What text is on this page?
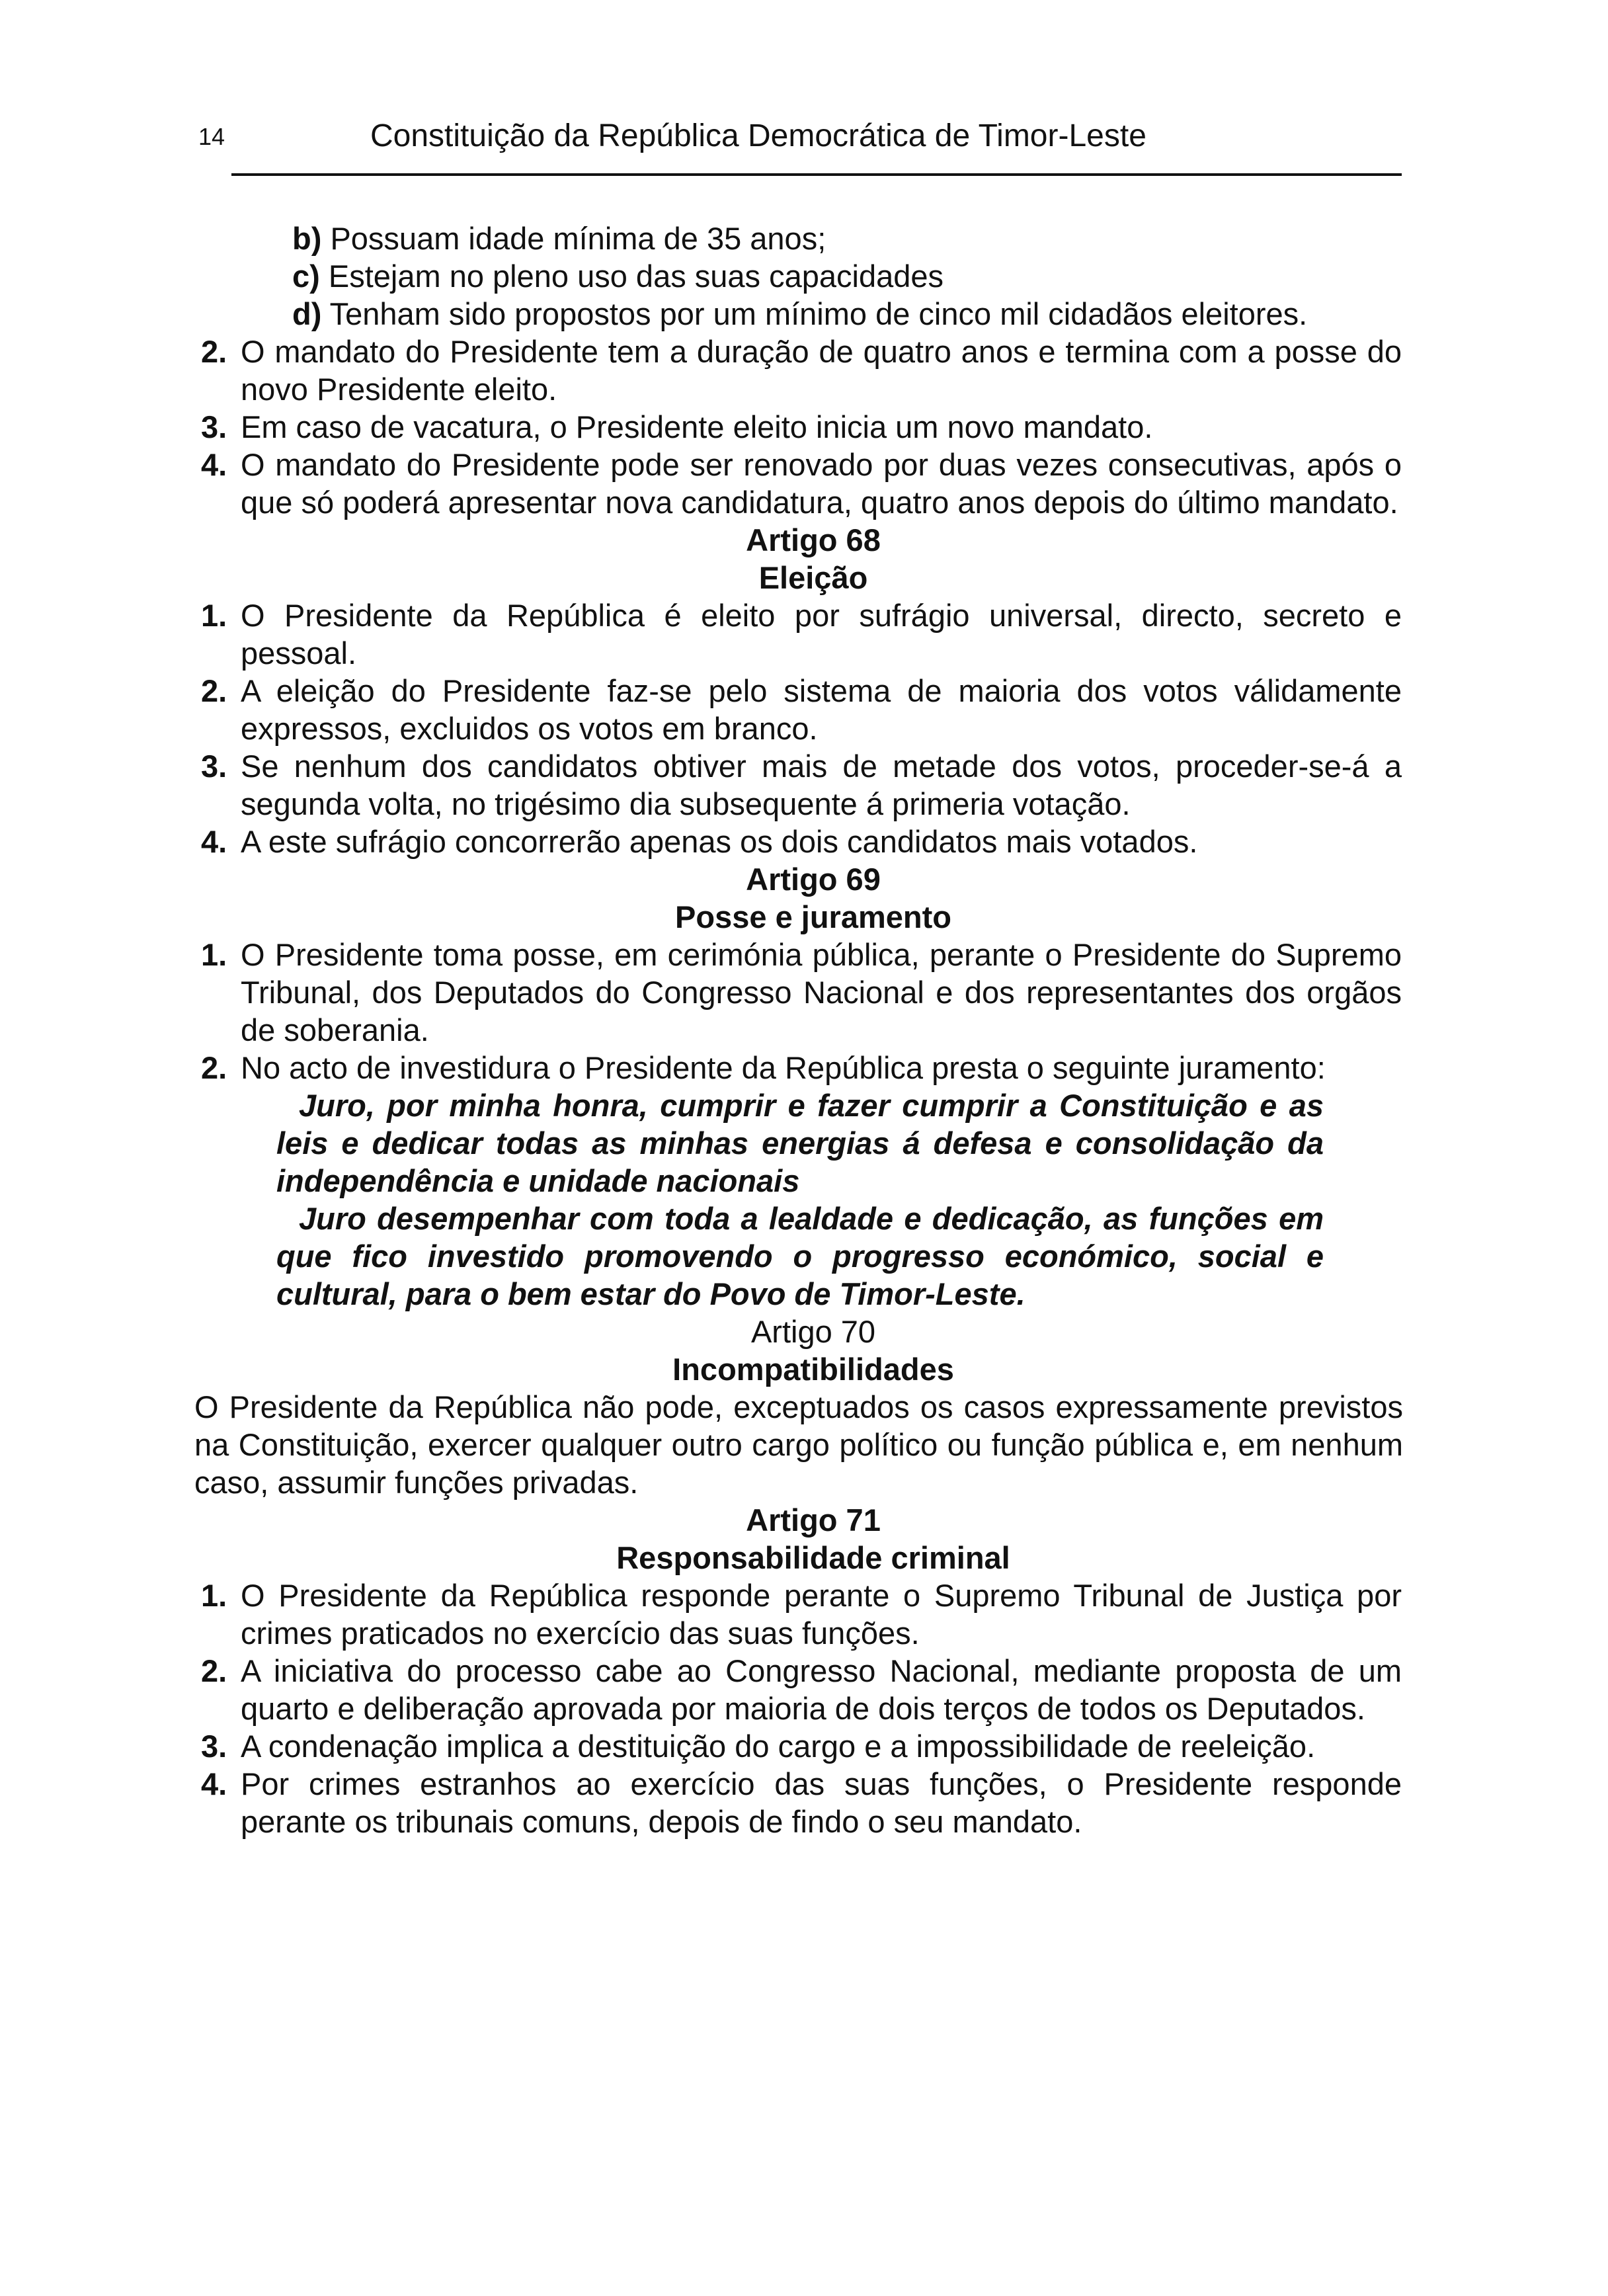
14	Constituição da República Democrática de Timor-Leste
b) Possuam idade mínima de 35 anos;
c) Estejam no pleno uso das suas capacidades
d) Tenham sido propostos por um mínimo de cinco mil cidadãos eleitores.
2. O mandato do Presidente tem a duração de quatro anos e termina com a posse do novo Presidente eleito.
3. Em caso de vacatura, o Presidente eleito inicia um novo mandato.
4. O mandato do Presidente pode ser renovado por duas vezes consecutivas, após o que só poderá apresentar nova candidatura, quatro anos depois do último mandato.
Artigo 68
Eleição
1. O Presidente da República é eleito por sufrágio universal, directo, secreto e pessoal.
2. A eleição do Presidente faz-se pelo sistema de maioria dos votos válidamente expressos, excluidos os votos em branco.
3. Se nenhum dos candidatos obtiver mais de metade dos votos, proceder-se-á a segunda volta, no trigésimo dia subsequente á primeria votação.
4. A este sufrágio concorrerão apenas os dois candidatos mais votados.
Artigo 69
Posse e juramento
1. O Presidente toma posse, em cerimónia pública, perante o Presidente do Supremo Tribunal, dos Deputados do Congresso Nacional e dos representantes dos orgãos de soberania.
2. No acto de investidura o Presidente da República presta o seguinte juramento:

Juro, por minha honra, cumprir e fazer cumprir a Constituição e as leis e dedicar todas as minhas energias á defesa e consolidação da independência e unidade nacionais

Juro desempenhar com toda a lealdade e dedicação, as funções em que fico investido promovendo o progresso económico, social e cultural, para o bem estar do Povo de Timor-Leste.

Artigo 70
Incompatibilidades
O Presidente da República não pode, exceptuados os casos expressamente previstos na Constituição, exercer qualquer outro cargo político ou função pública e, em nenhum caso, assumir funções privadas.
Artigo 71
Responsabilidade criminal
1. O Presidente da República responde perante o Supremo Tribunal de Justiça por crimes praticados no exercício das suas funções.
2. A iniciativa do processo cabe ao Congresso Nacional, mediante proposta de um quarto e deliberação aprovada por maioria de dois terços de todos os Deputados.
3. A condenação implica a destituição do cargo e a impossibilidade de reeleição.
4. Por crimes estranhos ao exercício das suas funções, o Presidente responde perante os tribunais comuns, depois de findo o seu mandato.
